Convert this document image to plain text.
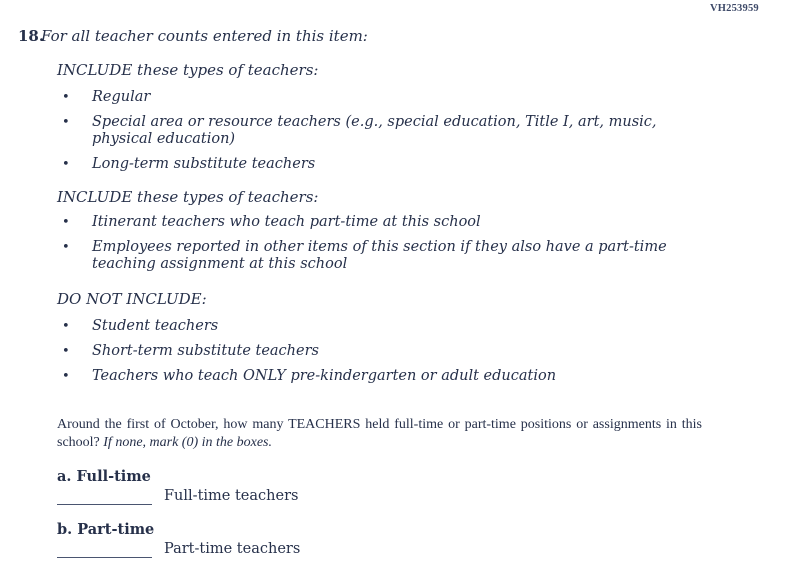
VH253959
18.For all teacher counts entered in this item:
INCLUDE these types of teachers:
•	Regular
•	Special area or resource teachers (e.g., special education, Title I, art, music, physical education)
•	Long-term substitute teachers
INCLUDE these types of teachers:
•	Itinerant teachers who teach part-time at this school
•	Employees reported in other items of this section if they also have a part-time teaching assignment at this school
DO NOT INCLUDE:
•	Student teachers
•	Short-term substitute teachers
•	Teachers who teach ONLY pre-kindergarten or adult education

Around the first of October, how many TEACHERS held full-time or part-time positions or assignments in this school? If none, mark (0) in the boxes.

a. Full-time
Full-time teachers
b. Part-time
Part-time teachers
